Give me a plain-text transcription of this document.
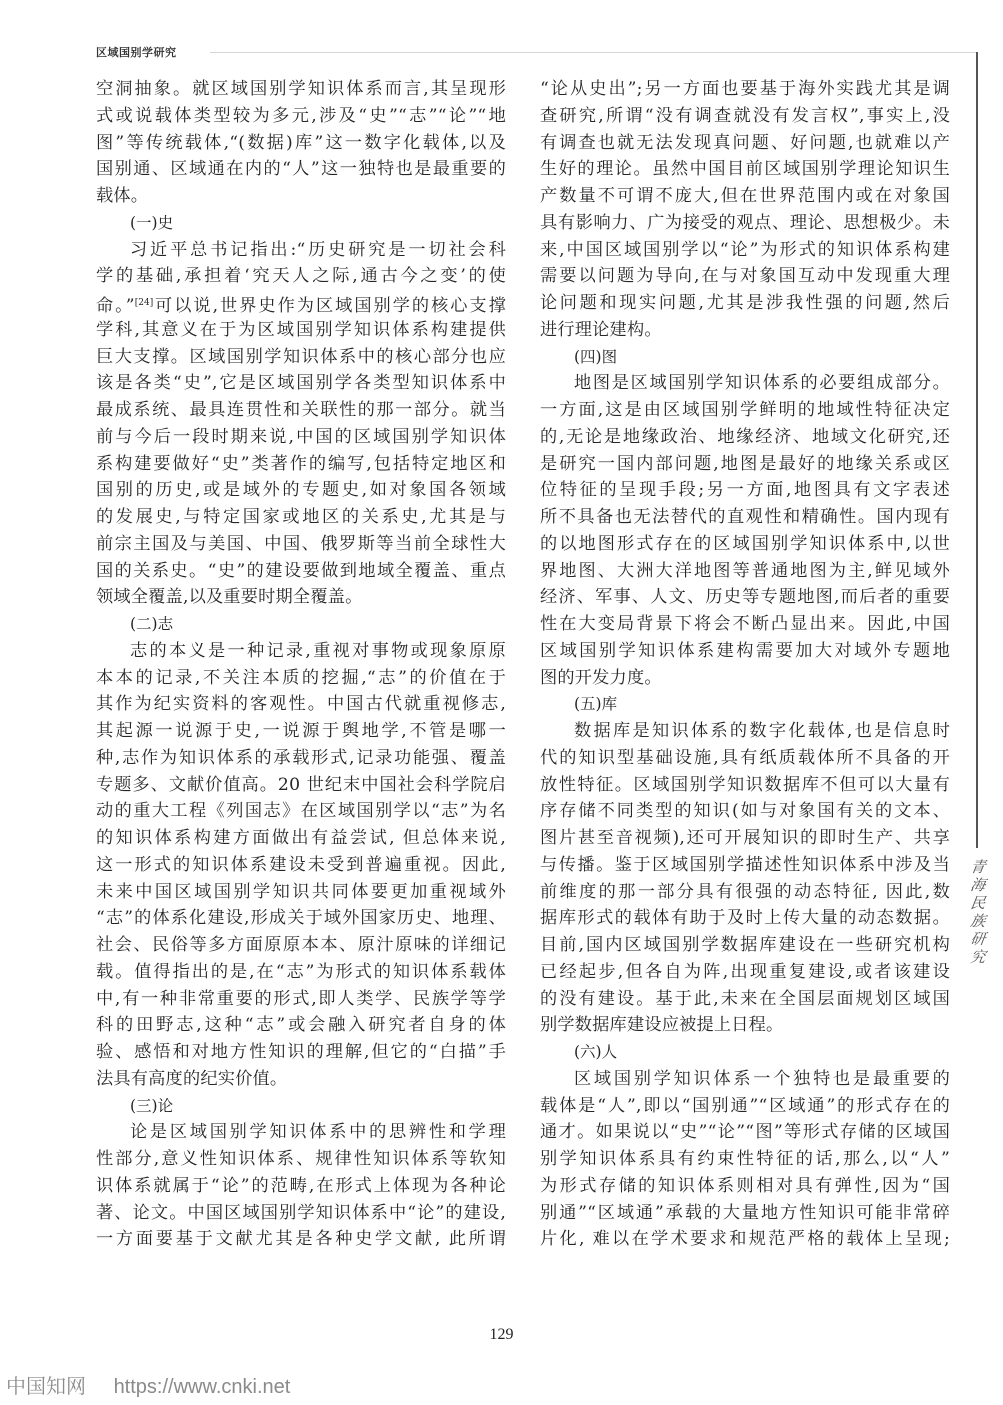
区域国别学研究
青
海
民
族
研
究
空洞抽象。就区域国别学知识体系而言,其呈现形
式或说载体类型较为多元,涉及“史”“志”“论”“地
图”等传统载体,“(数据)库”这一数字化载体,以及
国别通、区域通在内的“人”这一独特也是最重要的
载体。
(一)史
习近平总书记指出:“历史研究是一切社会科
学的基础,承担着‘究天人之际,通古今之变’的使
命。”[24]可以说,世界史作为区域国别学的核心支撑
学科,其意义在于为区域国别学知识体系构建提供
巨大支撑。区域国别学知识体系中的核心部分也应
该是各类“史”,它是区域国别学各类型知识体系中
最成系统、最具连贯性和关联性的那一部分。就当
前与今后一段时期来说,中国的区域国别学知识体
系构建要做好“史”类著作的编写,包括特定地区和
国别的历史,或是域外的专题史,如对象国各领域
的发展史,与特定国家或地区的关系史,尤其是与
前宗主国及与美国、中国、俄罗斯等当前全球性大
国的关系史。“史”的建设要做到地域全覆盖、重点
领域全覆盖,以及重要时期全覆盖。
(二)志
志的本义是一种记录,重视对事物或现象原原
本本的记录,不关注本质的挖掘,“志”的价值在于
其作为纪实资料的客观性。中国古代就重视修志,
其起源一说源于史,一说源于舆地学,不管是哪一
种,志作为知识体系的承载形式,记录功能强、覆盖
专题多、文献价值高。20 世纪末中国社会科学院启
动的重大工程《列国志》在区域国别学以“志”为名
的知识体系构建方面做出有益尝试, 但总体来说,
这一形式的知识体系建设未受到普遍重视。因此,
未来中国区域国别学知识共同体要更加重视域外
“志”的体系化建设,形成关于域外国家历史、地理、
社会、民俗等多方面原原本本、原汁原味的详细记
载。值得指出的是,在“志”为形式的知识体系载体
中,有一种非常重要的形式,即人类学、民族学等学
科的田野志,这种“志”或会融入研究者自身的体
验、感悟和对地方性知识的理解,但它的“白描”手
法具有高度的纪实价值。
(三)论
论是区域国别学知识体系中的思辨性和学理
性部分,意义性知识体系、规律性知识体系等软知
识体系就属于“论”的范畴,在形式上体现为各种论
著、论文。中国区域国别学知识体系中“论”的建设,
一方面要基于文献尤其是各种史学文献, 此所谓
“论从史出”;另一方面也要基于海外实践尤其是调
查研究,所谓“没有调查就没有发言权”,事实上,没
有调查也就无法发现真问题、好问题,也就难以产
生好的理论。虽然中国目前区域国别学理论知识生
产数量不可谓不庞大,但在世界范围内或在对象国
具有影响力、广为接受的观点、理论、思想极少。未
来,中国区域国别学以“论”为形式的知识体系构建
需要以问题为导向,在与对象国互动中发现重大理
论问题和现实问题,尤其是涉我性强的问题,然后
进行理论建构。
(四)图
地图是区域国别学知识体系的必要组成部分。
一方面,这是由区域国别学鲜明的地域性特征决定
的,无论是地缘政治、地缘经济、地域文化研究,还
是研究一国内部问题,地图是最好的地缘关系或区
位特征的呈现手段;另一方面,地图具有文字表述
所不具备也无法替代的直观性和精确性。国内现有
的以地图形式存在的区域国别学知识体系中,以世
界地图、大洲大洋地图等普通地图为主,鲜见域外
经济、军事、人文、历史等专题地图,而后者的重要
性在大变局背景下将会不断凸显出来。因此,中国
区域国别学知识体系建构需要加大对域外专题地
图的开发力度。
(五)库
数据库是知识体系的数字化载体,也是信息时
代的知识型基础设施,具有纸质载体所不具备的开
放性特征。区域国别学知识数据库不但可以大量有
序存储不同类型的知识(如与对象国有关的文本、
图片甚至音视频),还可开展知识的即时生产、共享
与传播。鉴于区域国别学描述性知识体系中涉及当
前维度的那一部分具有很强的动态特征, 因此,数
据库形式的载体有助于及时上传大量的动态数据。
目前,国内区域国别学数据库建设在一些研究机构
已经起步,但各自为阵,出现重复建设,或者该建设
的没有建设。基于此,未来在全国层面规划区域国
别学数据库建设应被提上日程。
(六)人
区域国别学知识体系一个独特也是最重要的
载体是“人”,即以“国别通”“区域通”的形式存在的
通才。如果说以“史”“论”“图”等形式存储的区域国
别学知识体系具有约束性特征的话,那么,以“人”
为形式存储的知识体系则相对具有弹性,因为“国
别通”“区域通”承载的大量地方性知识可能非常碎
片化, 难以在学术要求和规范严格的载体上呈现;
129
中国知网 https://www.cnki.net
